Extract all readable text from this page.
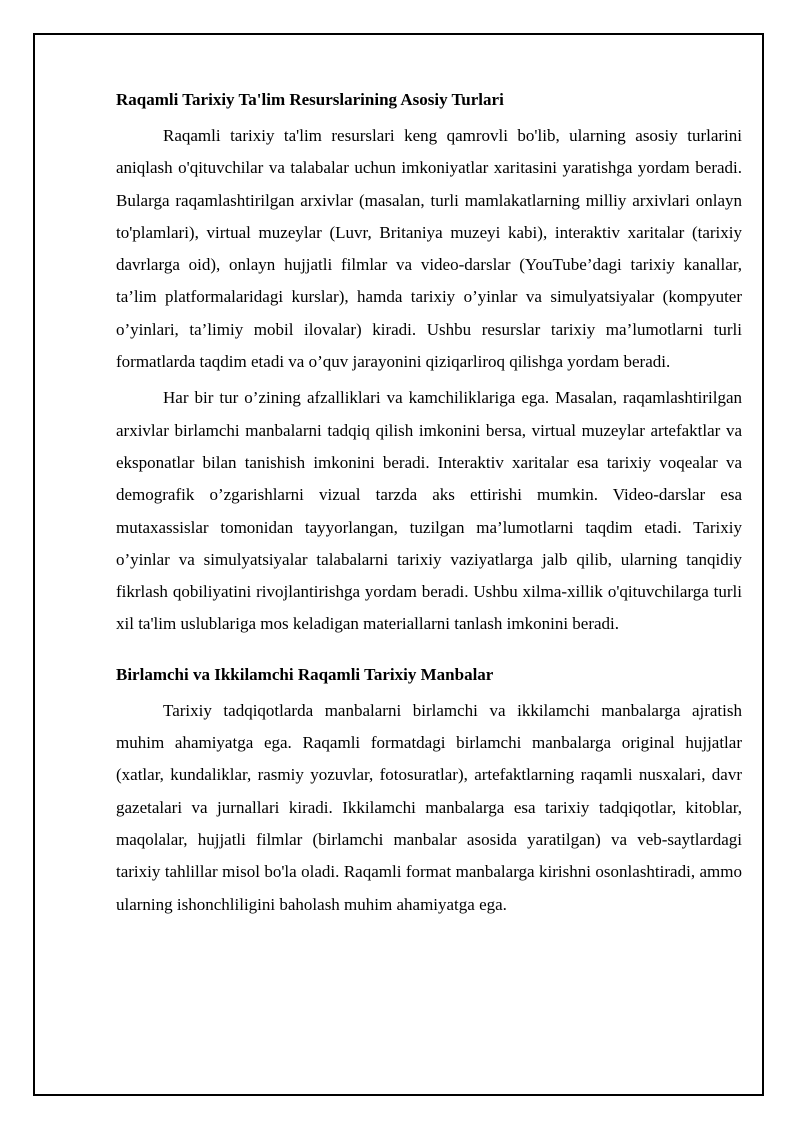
Raqamli Tarixiy Ta'lim Resurslarining Asosiy Turlari

Raqamli tarixiy ta'lim resurslari keng qamrovli bo'lib, ularning asosiy turlarini aniqlash o'qituvchilar va talabalar uchun imkoniyatlar xaritasini yaratishga yordam beradi. Bularga raqamlashtirilgan arxivlar (masalan, turli mamlakatlarning milliy arxivlari onlayn to'plamlari), virtual muzeylar (Luvr, Britaniya muzeyi kabi), interaktiv xaritalar (tarixiy davrlarga oid), onlayn hujjatli filmlar va video-darslar (YouTube’dagi tarixiy kanallar, ta’lim platformalaridagi kurslar), hamda tarixiy o’yinlar va simulyatsiyalar (kompyuter o’yinlari, ta’limiy mobil ilovalar) kiradi. Ushbu resurslar tarixiy ma’lumotlarni turli formatlarda taqdim etadi va o’quv jarayonini qiziqarliroq qilishga yordam beradi.

Har bir tur o’zining afzalliklari va kamchiliklariga ega. Masalan, raqamlashtirilgan arxivlar birlamchi manbalarni tadqiq qilish imkonini bersa, virtual muzeylar artefaktlar va eksponatlar bilan tanishish imkonini beradi. Interaktiv xaritalar esa tarixiy voqealar va demografik o’zgarishlarni vizual tarzda aks ettirishi mumkin. Video-darslar esa mutaxassislar tomonidan tayyorlangan, tuzilgan ma’lumotlarni taqdim etadi. Tarixiy o’yinlar va simulyatsiyalar talabalarni tarixiy vaziyatlarga jalb qilib, ularning tanqidiy fikrlash qobiliyatini rivojlantirishga yordam beradi. Ushbu xilma-xillik o'qituvchilarga turli xil ta'lim uslublariga mos keladigan materiallarni tanlash imkonini beradi.

Birlamchi va Ikkilamchi Raqamli Tarixiy Manbalar

Tarixiy tadqiqotlarda manbalarni birlamchi va ikkilamchi manbalarga ajratish muhim ahamiyatga ega. Raqamli formatdagi birlamchi manbalarga original hujjatlar (xatlar, kundaliklar, rasmiy yozuvlar, fotosuratlar), artefaktlarning raqamli nusxalari, davr gazetalari va jurnallari kiradi. Ikkilamchi manbalarga esa tarixiy tadqiqotlar, kitoblar, maqolalar, hujjatli filmlar (birlamchi manbalar asosida yaratilgan) va veb-saytlardagi tarixiy tahlillar misol bo'la oladi. Raqamli format manbalarga kirishni osonlashtiradi, ammo ularning ishonchliligini baholash muhim ahamiyatga ega.
